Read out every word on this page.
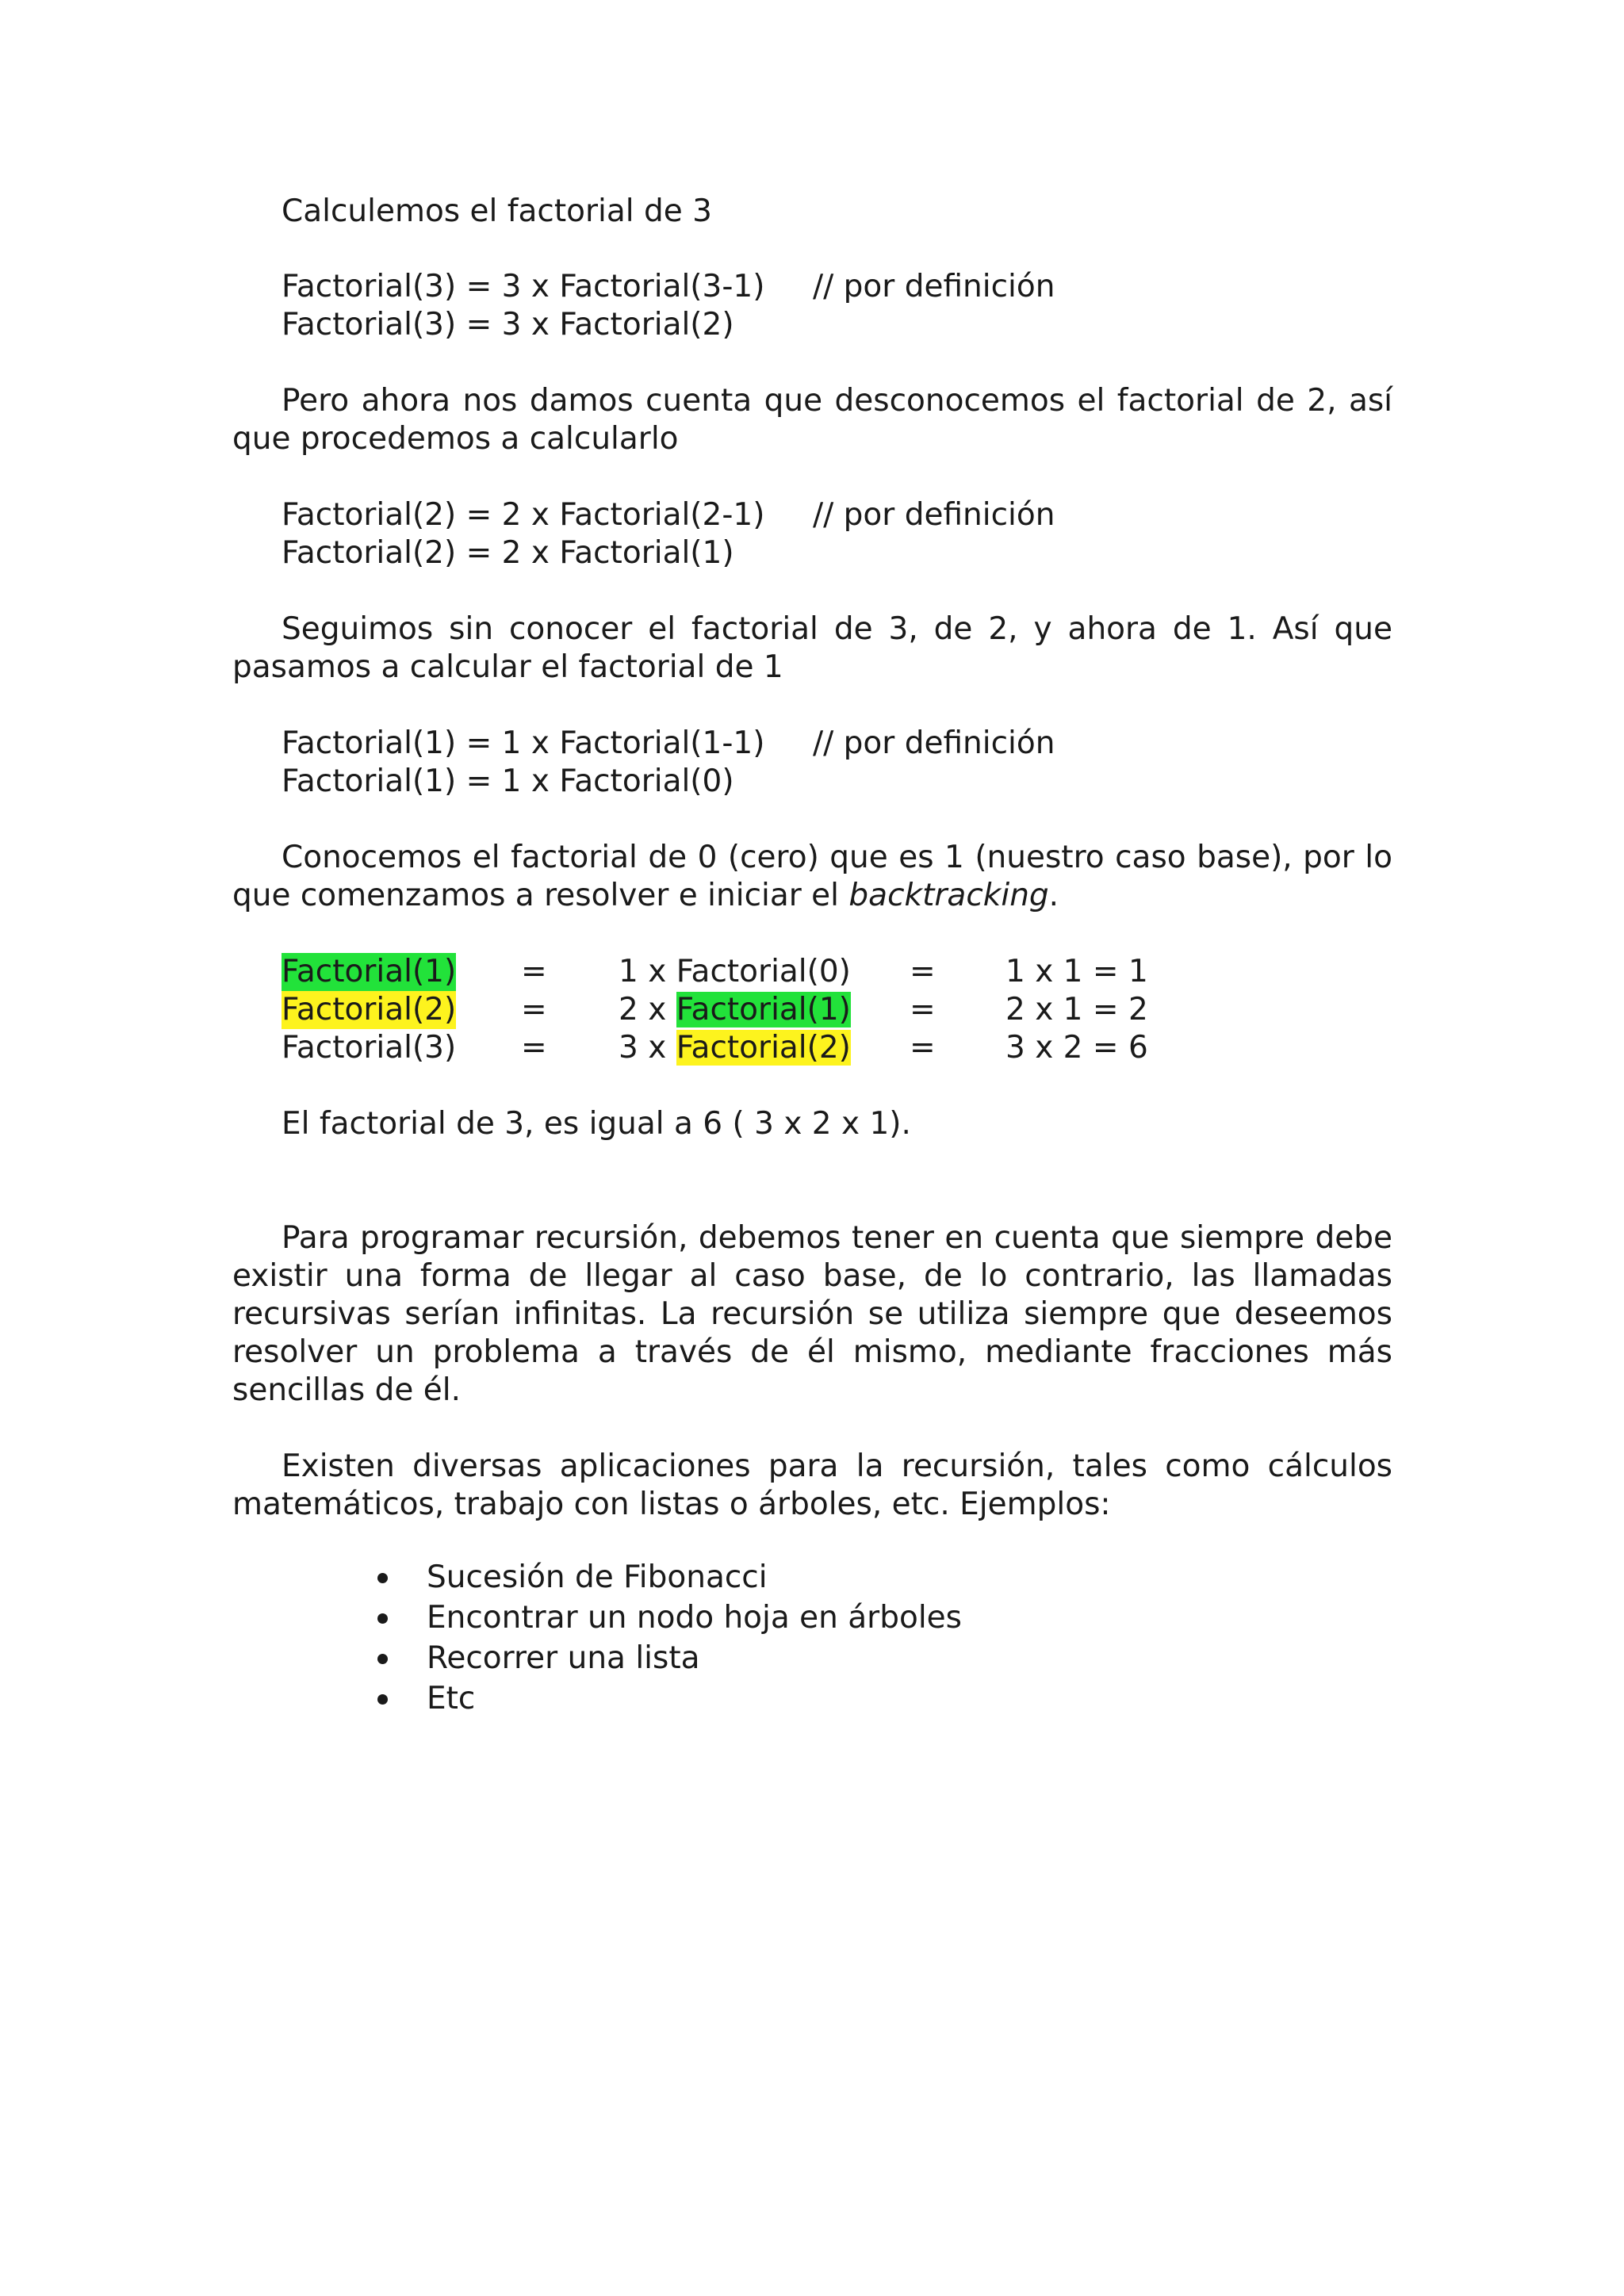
Calculemos el factorial de 3
Factorial(3) = 3 x Factorial(3-1) // por definición
Factorial(3) = 3 x Factorial(2)
Pero ahora nos damos cuenta que desconocemos el factorial de 2, así que procedemos a calcularlo
Factorial(2) = 2 x Factorial(2-1) // por definición
Factorial(2) = 2 x Factorial(1)
Seguimos sin conocer el factorial de 3, de 2, y ahora de 1. Así que pasamos a calcular el factorial de 1
Factorial(1) = 1 x Factorial(1-1) // por definición
Factorial(1) = 1 x Factorial(0)
Conocemos el factorial de 0 (cero) que es 1 (nuestro caso base), por lo que comenzamos a resolver e iniciar el backtracking.
Factorial(1) = 1 x Factorial(0) = 1 x 1 = 1
Factorial(2) = 2 x Factorial(1) = 2 x 1 = 2
Factorial(3) = 3 x Factorial(2) = 3 x 2 = 6
El factorial de 3, es igual a 6 ( 3 x 2 x 1).
Para programar recursión, debemos tener en cuenta que siempre debe existir una forma de llegar al caso base, de lo contrario, las llamadas recursivas serían infinitas. La recursión se utiliza siempre que deseemos resolver un problema a través de él mismo, mediante fracciones más sencillas de él.
Existen diversas aplicaciones para la recursión, tales como cálculos matemáticos, trabajo con listas o árboles, etc. Ejemplos:
Sucesión de Fibonacci
Encontrar un nodo hoja en árboles
Recorrer una lista
Etc
